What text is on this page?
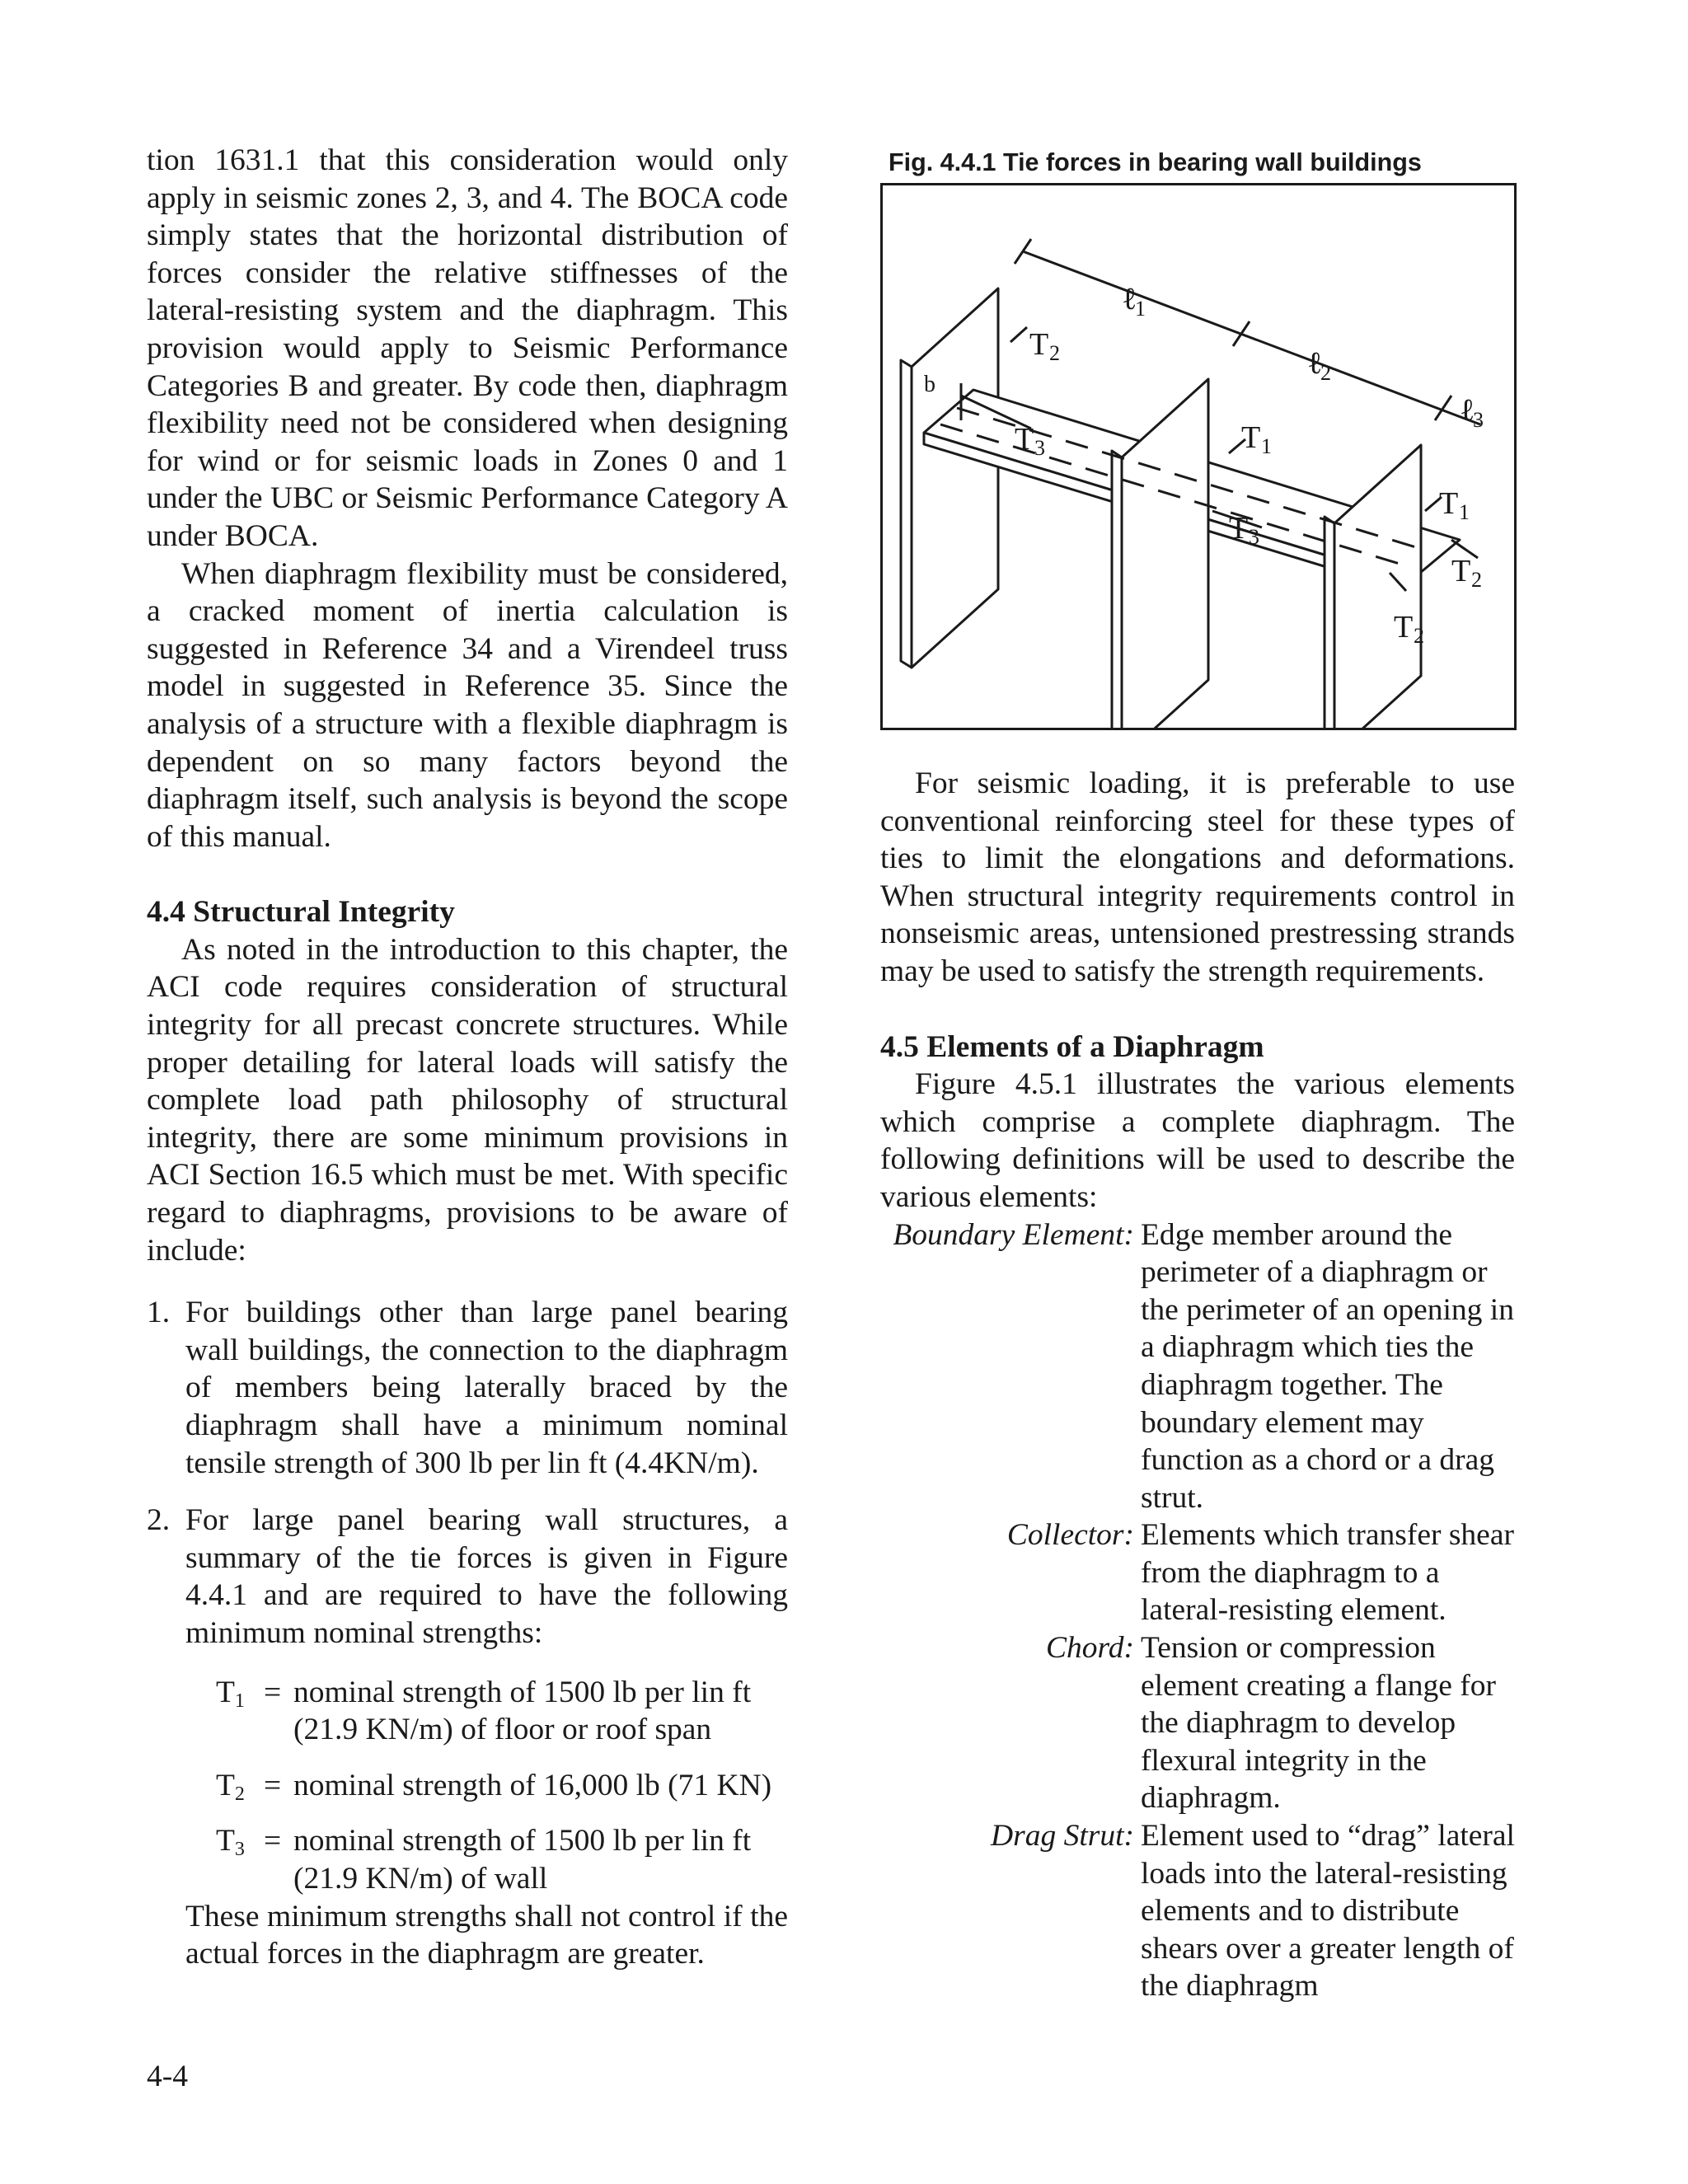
tion 1631.1 that this consideration would only apply in seismic zones 2, 3, and 4. The BOCA code simply states that the horizontal distribution of forces consider the relative stiffnesses of the lateral-resisting system and the diaphragm. This provision would apply to Seismic Performance Categories B and greater. By code then, diaphragm flexibility need not be considered when designing for wind or for seismic loads in Zones 0 and 1 under the UBC or Seismic Performance Category A under BOCA.

When diaphragm flexibility must be considered, a cracked moment of inertia calculation is suggested in Reference 34 and a Virendeel truss model in suggested in Reference 35. Since the analysis of a structure with a flexible diaphragm is dependent on so many factors beyond the diaphragm itself, such analysis is beyond the scope of this manual.

4.4 Structural Integrity

As noted in the introduction to this chapter, the ACI code requires consideration of structural integrity for all precast concrete structures. While proper detailing for lateral loads will satisfy the complete load path philosophy of structural integrity, there are some minimum provisions in ACI Section 16.5 which must be met. With specific regard to diaphragms, provisions to be aware of include:

1. For buildings other than large panel bearing wall buildings, the connection to the diaphragm of members being laterally braced by the diaphragm shall have a minimum nominal tensile strength of 300 lb per lin ft (4.4KN/m).
2. For large panel bearing wall structures, a summary of the tie forces is given in Figure 4.4.1 and are required to have the following minimum nominal strengths:
$T_1$ = nominal strength of 1500 lb per lin ft (21.9 KN/m) of floor or roof span
$T_2$ = nominal strength of 16,000 lb (71 KN)
$T_3$ = nominal strength of 1500 lb per lin ft (21.9 KN/m) of wall

These minimum strengths shall not control if the actual forces in the diaphragm are greater.

Fig. 4.4.1 Tie forces in bearing wall buildings
b
ℓ
1
ℓ
2
ℓ
3
T 2
T 3	T 1
T 3
T 1
T 2
T 2

For seismic loading, it is preferable to use conventional reinforcing steel for these types of ties to limit the elongations and deformations. When structural integrity requirements control in nonseismic areas, untensioned prestressing strands may be used to satisfy the strength requirements.

4.5 Elements of a Diaphragm

Figure 4.5.1 illustrates the various elements which comprise a complete diaphragm. The following definitions will be used to describe the various elements:

Boundary Element: Edge member around the perimeter of a diaphragm or the perimeter of an opening in a diaphragm which ties the diaphragm together. The boundary element may function as a chord or a drag strut.
Collector: Elements which transfer shear from the diaphragm to a lateral-resisting element.
Chord: Tension or compression element creating a flange for the diaphragm to develop flexural integrity in the diaphragm.
Drag Strut: Element used to “drag” lateral loads into the lateral-resisting elements and to distribute shears over a greater length of the diaphragm
4-4
